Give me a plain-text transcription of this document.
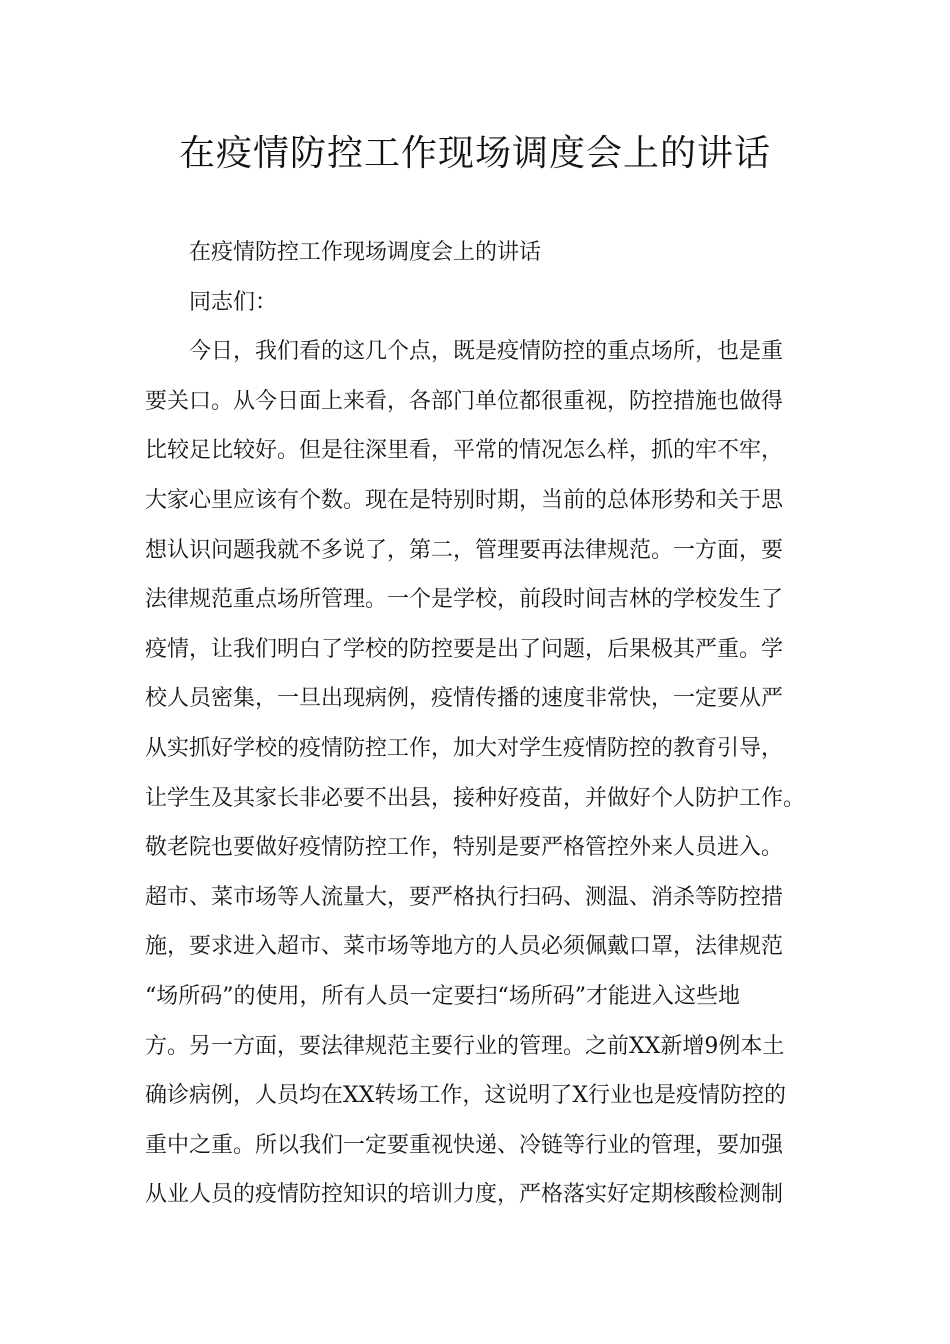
在疫情防控工作现场调度会上的讲话
在疫情防控工作现场调度会上的讲话
同志们：
今日，我们看的这几个点，既是疫情防控的重点场所，也是重
要关口。从今日面上来看，各部门单位都很重视，防控措施也做得
比较足比较好。但是往深里看，平常的情况怎么样，抓的牢不牢，
大家心里应该有个数。现在是特别时期，当前的总体形势和关于思
想认识问题我就不多说了，第二，管理要再法律规范。一方面，要
法律规范重点场所管理。一个是学校，前段时间吉林的学校发生了
疫情，让我们明白了学校的防控要是出了问题，后果极其严重。学
校人员密集，一旦出现病例，疫情传播的速度非常快，一定要从严
从实抓好学校的疫情防控工作，加大对学生疫情防控的教育引导，
让学生及其家长非必要不出县，接种好疫苗，并做好个人防护工作。
敬老院也要做好疫情防控工作，特别是要严格管控外来人员进入。
超市、菜市场等人流量大，要严格执行扫码、测温、消杀等防控措
施，要求进入超市、菜市场等地方的人员必须佩戴口罩，法律规范
“场所码”的使用，所有人员一定要扫“场所码”才能进入这些地
方。另一方面，要法律规范主要行业的管理。之前XX新增9例本土
确诊病例，人员均在XX转场工作，这说明了X行业也是疫情防控的
重中之重。所以我们一定要重视快递、冷链等行业的管理，要加强
从业人员的疫情防控知识的培训力度，严格落实好定期核酸检测制
